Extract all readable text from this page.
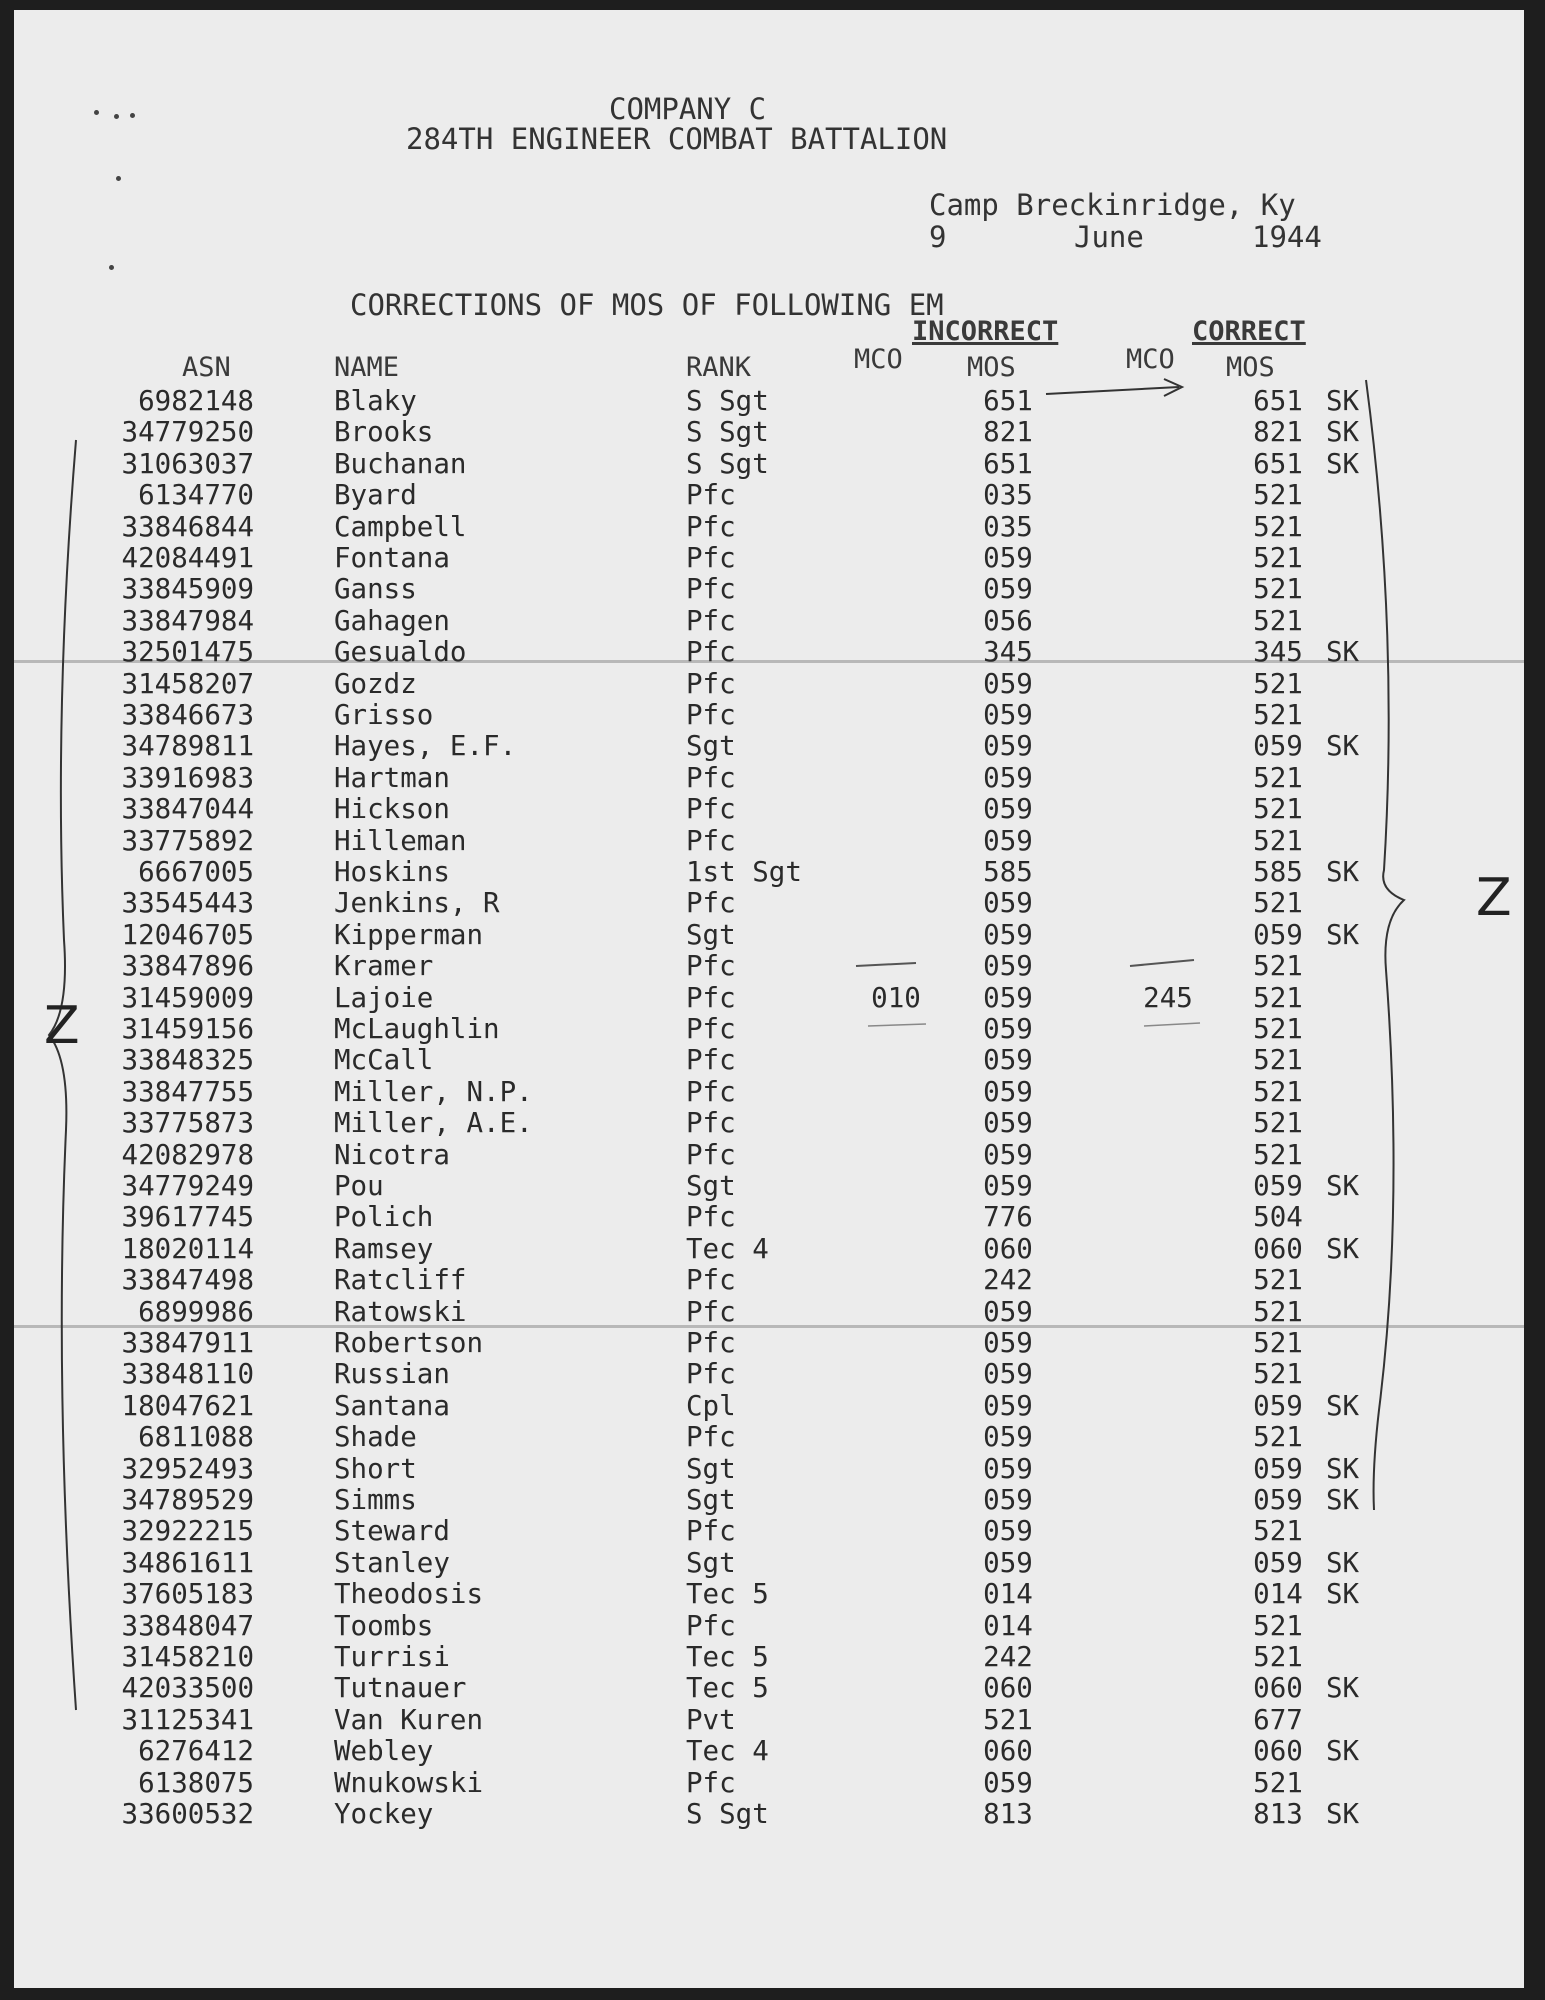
COMPANY C
284TH ENGINEER COMBAT BATTALION
Camp Breckinridge, Ky
9	June	1944
CORRECTIONS OF MOS OF FOLLOWING EM
INCORRECT	CORRECT
ASN	NAME	RANK	MCO MOS	MCO MOS
6982148	Blaky	S Sgt	651	651 SK
34779250	Brooks	S Sgt	821	821 SK
31063037	Buchanan	S Sgt	651	651 SK
6134770	Byard	Pfc	035	521
33846844	Campbell	Pfc	035	521
42084491	Fontana	Pfc	059	521
33845909	Ganss	Pfc	059	521
33847984	Gahagen	Pfc	056	521
32501475	Gesualdo	Pfc	345	345 SK
31458207	Gozdz	Pfc	059	521
33846673	Grisso	Pfc	059	521
34789811	Hayes, E.F.	Sgt	059	059 SK
33916983	Hartman	Pfc	059	521
33847044	Hickson	Pfc	059	521
33775892	Hilleman	Pfc	059	521
6667005	Hoskins	1st Sgt	585	585 SK
33545443	Jenkins, R	Pfc	059	521
12046705	Kipperman	Sgt	059	059 SK
33847896	Kramer	Pfc	059	521
31459009	Lajoie	Pfc	010	059	245	521
31459156	McLaughlin	Pfc	059	521
33848325	McCall	Pfc	059	521
33847755	Miller, N.P.	Pfc	059	521
33775873	Miller, A.E.	Pfc	059	521
42082978	Nicotra	Pfc	059	521
34779249	Pou	Sgt	059	059 SK
39617745	Polich	Pfc	776	504
18020114	Ramsey	Tec 4	060	060 SK
33847498	Ratcliff	Pfc	242	521
6899986	Ratowski	Pfc	059	521
33847911	Robertson	Pfc	059	521
33848110	Russian	Pfc	059	521
18047621	Santana	Cpl	059	059 SK
6811088	Shade	Pfc	059	521
32952493	Short	Sgt	059	059 SK
34789529	Simms	Sgt	059	059 SK
32922215	Steward	Pfc	059	521
34861611	Stanley	Sgt	059	059 SK
37605183	Theodosis	Tec 5	014	014 SK
33848047	Toombs	Pfc	014	521
31458210	Turrisi	Tec 5	242	521
42033500	Tutnauer	Tec 5	060	060 SK
31125341	Van Kuren	Pvt	521	677
6276412	Webley	Tec 4	060	060 SK
6138075	Wnukowski	Pfc	059	521
33600532	Yockey	S Sgt	813	813 SK
Z
Z
